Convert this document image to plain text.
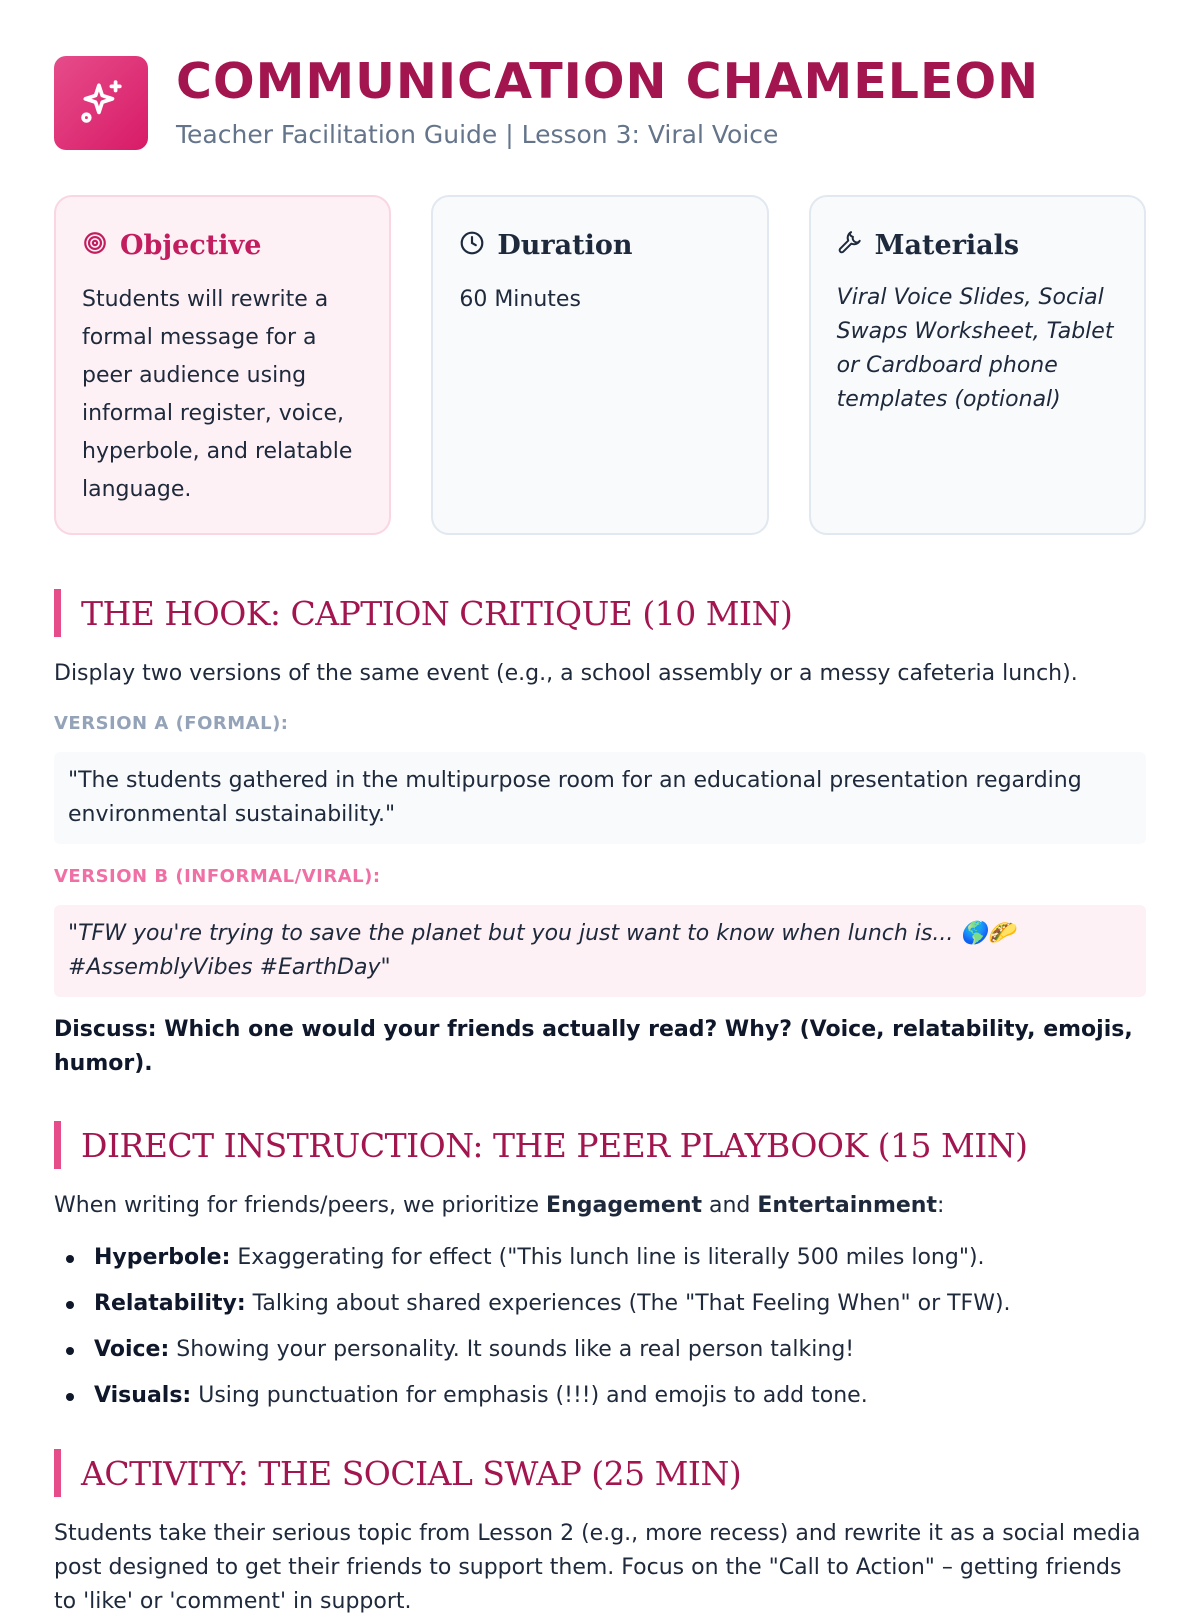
COMMUNICATION CHAMELEON
Teacher Facilitation Guide | Lesson 3: Viral Voice
Objective
Students will rewrite a formal message for a peer audience using informal register, voice, hyperbole, and relatable language.
Duration
60 Minutes
Materials
Viral Voice Slides, Social Swaps Worksheet, Tablet or Cardboard phone templates (optional)
THE HOOK: CAPTION CRITIQUE (10 MIN)
Display two versions of the same event (e.g., a school assembly or a messy cafeteria lunch).
VERSION A (FORMAL):
"The students gathered in the multipurpose room for an educational presentation regarding environmental sustainability."
VERSION B (INFORMAL/VIRAL):
"TFW you're trying to save the planet but you just want to know when lunch is... 🌎🌮 #AssemblyVibes #EarthDay"
Discuss: Which one would your friends actually read? Why? (Voice, relatability, emojis, humor).
DIRECT INSTRUCTION: THE PEER PLAYBOOK (15 MIN)
When writing for friends/peers, we prioritize Engagement and Entertainment:
Hyperbole: Exaggerating for effect ("This lunch line is literally 500 miles long").
Relatability: Talking about shared experiences (The "That Feeling When" or TFW).
Voice: Showing your personality. It sounds like a real person talking!
Visuals: Using punctuation for emphasis (!!!) and emojis to add tone.
ACTIVITY: THE SOCIAL SWAP (25 MIN)
Students take their serious topic from Lesson 2 (e.g., more recess) and rewrite it as a social media post designed to get their friends to support them. Focus on the "Call to Action" – getting friends to 'like' or 'comment' in support.
